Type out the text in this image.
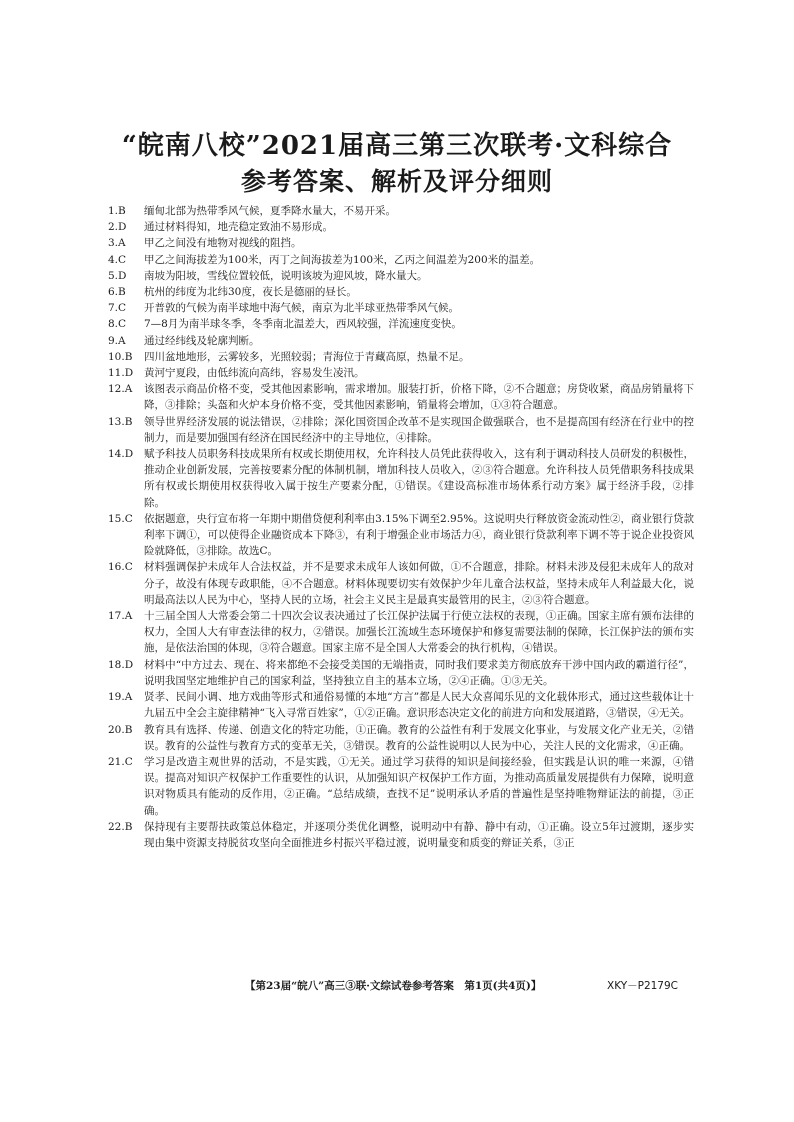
“皖南八校”2021届高三第三次联考·文科综合
参考答案、解析及评分细则
1.B	缅甸北部为热带季风气候，夏季降水量大，不易开采。
2.D	通过材料得知，地壳稳定致油不易形成。
3.A	甲乙之间没有地物对视线的阻挡。
4.C	甲乙之间海拔差为100米，丙丁之间海拔差为100米，乙丙之间温差为200米的温差。
5.D	南坡为阳坡，雪线位置较低，说明该坡为迎风坡，降水量大。
6.B	杭州的纬度为北纬30度，夜长是德丽的昼长。
7.C	开普敦的气候为南半球地中海气候，南京为北半球亚热带季风气候。
8.C	7—8月为南半球冬季，冬季南北温差大，西风较强，洋流速度变快。
9.A	通过经纬线及轮廓判断。
10.B	四川盆地地形，云雾较多，光照较弱；青海位于青藏高原，热量不足。
11.D	黄河宁夏段，由低纬流向高纬，容易发生凌汛。
12.A	该图表示商品价格不变，受其他因素影响，需求增加。服装打折，价格下降，②不合题意；房贷收紧，商品房销量将下降，③排除；头盔和火炉本身价格不变，受其他因素影响，销量将会增加，①③符合题意。
13.B	领导世界经济发展的说法错误，②排除；深化国资国企改革不是实现国企做强联合，也不是提高国有经济在行业中的控制力，而是要加强国有经济在国民经济中的主导地位，④排除。
14.D	赋予科技人员职务科技成果所有权或长期使用权，允许科技人员凭此获得收入，这有利于调动科技人员研发的积极性，推动企业创新发展，完善按要素分配的体制机制，增加科技人员收入，②③符合题意。允许科技人员凭借职务科技成果所有权或长期使用权获得收入属于按生产要素分配，①错误。《建设高标准市场体系行动方案》属于经济手段，②排除。
15.C	依据题意，央行宣布将一年期中期借贷便利利率由3.15%下调至2.95%。这说明央行释放资金流动性②，商业银行贷款利率下调①，可以使得企业融资成本下降③，有利于增强企业市场活力④，商业银行贷款利率下调不等于说企业投资风险就降低，③排除。故选C。
16.C	材料强调保护未成年人合法权益，并不是要求未成年人该如何做，①不合题意，排除。材料未涉及侵犯未成年人的敌对分子，故没有体现专政职能，④不合题意。材料体现要切实有效保护少年儿童合法权益，坚持未成年人利益最大化，说明最高法以人民为中心，坚持人民的立场，社会主义民主是最真实最管用的民主，②③符合题意。
17.A	十三届全国人大常委会第二十四次会议表决通过了长江保护法属于行使立法权的表现，①正确。国家主席有颁布法律的权力，全国人大有审查法律的权力，②错误。加强长江流域生态环境保护和修复需要法制的保障，长江保护法的颁布实施，是依法治国的体现，③符合题意。国家主席不是全国人大常委会的执行机构，④错误。
18.D	材料中“中方过去、现在、将来都绝不会接受美国的无端指责，同时我们要求美方彻底放弃干涉中国内政的霸道行径”，说明我国坚定地维护自己的国家利益，坚持独立自主的基本立场，②④正确。①③无关。
19.A	贤孝、民间小调、地方戏曲等形式和通俗易懂的本地“方言”都是人民大众喜闻乐见的文化载体形式，通过这些载体让十九届五中全会主旋律精神“飞入寻常百姓家”，①②正确。意识形态决定文化的前进方向和发展道路，③错误，④无关。
20.B	教育具有选择、传递、创造文化的特定功能，①正确。教育的公益性有利于发展文化事业，与发展文化产业无关，②错误。教育的公益性与教育方式的变革无关，③错误。教育的公益性说明以人民为中心，关注人民的文化需求，④正确。
21.C	学习是改造主观世界的活动，不是实践，①无关。通过学习获得的知识是间接经验，但实践是认识的唯一来源，④错误。提高对知识产权保护工作重要性的认识，从加强知识产权保护工作方面，为推动高质量发展提供有力保障，说明意识对物质具有能动的反作用，②正确。“总结成绩，查找不足”说明承认矛盾的普遍性是坚持唯物辩证法的前提，③正确。
22.B	保持现有主要帮扶政策总体稳定，并逐项分类优化调整，说明动中有静、静中有动，①正确。设立5年过渡期，逐步实现由集中资源支持脱贫攻坚向全面推进乡村振兴平稳过渡，说明量变和质变的辩证关系，③正
【第23届“皖八”高三③联·文综试卷参考答案　第1页(共4页)】	XKY－P2179C
